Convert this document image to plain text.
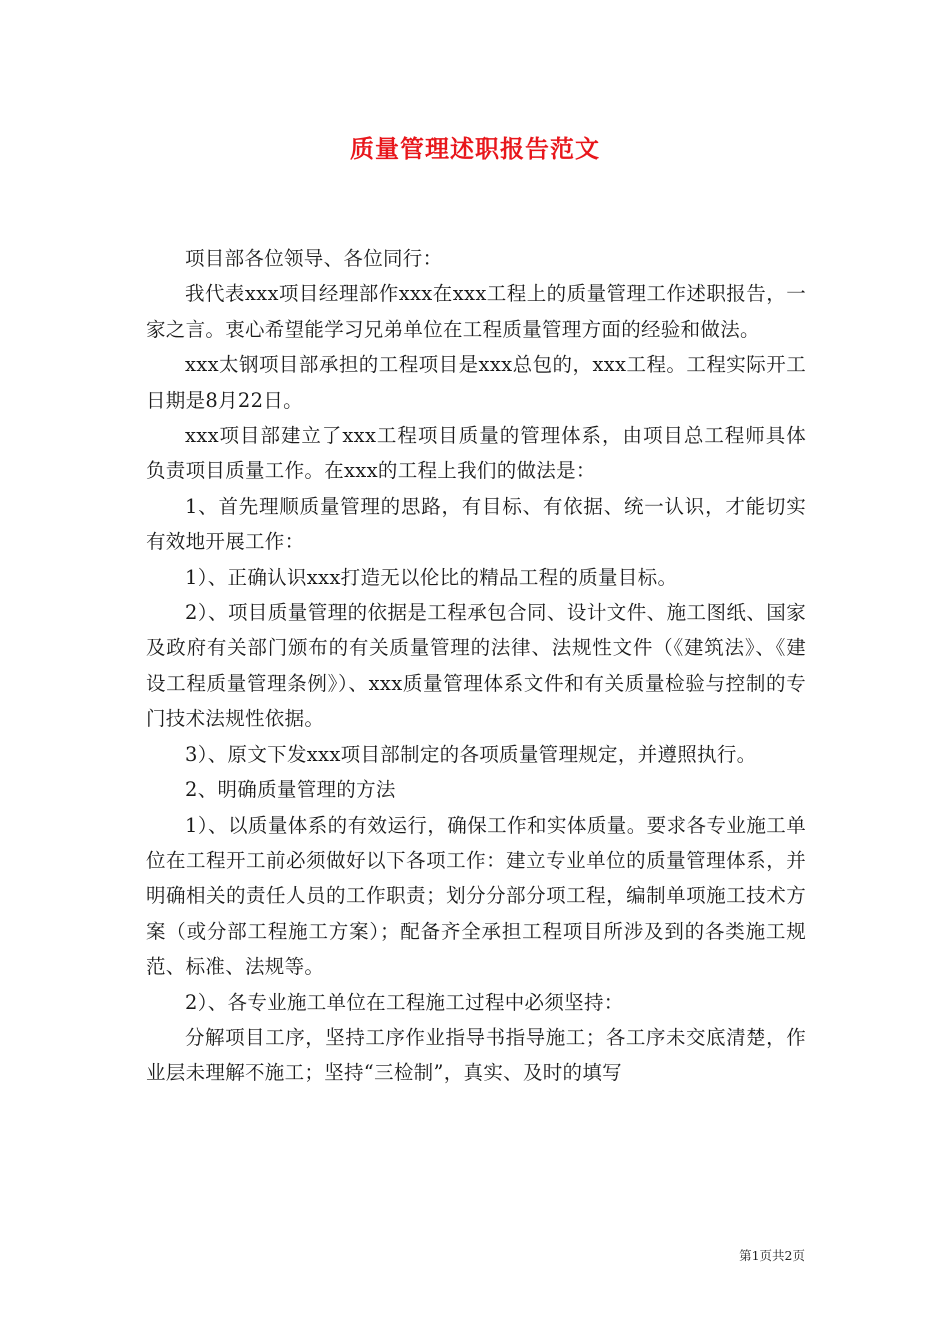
质量管理述职报告范文

项目部各位领导、各位同行：

我代表xxx项目经理部作xxx在xxx工程上的质量管理工作述职报告，一家之言。衷心希望能学习兄弟单位在工程质量管理方面的经验和做法。

xxx太钢项目部承担的工程项目是xxx总包的，xxx工程。工程实际开工日期是8月22日。

xxx项目部建立了xxx工程项目质量的管理体系，由项目总工程师具体负责项目质量工作。在xxx的工程上我们的做法是：

1、首先理顺质量管理的思路，有目标、有依据、统一认识，才能切实有效地开展工作：

1）、正确认识xxx打造无以伦比的精品工程的质量目标。

2）、项目质量管理的依据是工程承包合同、设计文件、施工图纸、国家及政府有关部门颁布的有关质量管理的法律、法规性文件（《建筑法》、《建设工程质量管理条例》）、xxx质量管理体系文件和有关质量检验与控制的专门技术法规性依据。

3）、原文下发xxx项目部制定的各项质量管理规定，并遵照执行。

2、明确质量管理的方法

1）、以质量体系的有效运行，确保工作和实体质量。要求各专业施工单位在工程开工前必须做好以下各项工作：建立专业单位的质量管理体系，并明确相关的责任人员的工作职责；划分分部分项工程，编制单项施工技术方案（或分部工程施工方案）；配备齐全承担工程项目所涉及到的各类施工规范、标准、法规等。

2）、各专业施工单位在工程施工过程中必须坚持：

分解项目工序，坚持工序作业指导书指导施工；各工序未交底清楚，作业层未理解不施工；坚持“三检制”，真实、及时的填写

第1页共2页
